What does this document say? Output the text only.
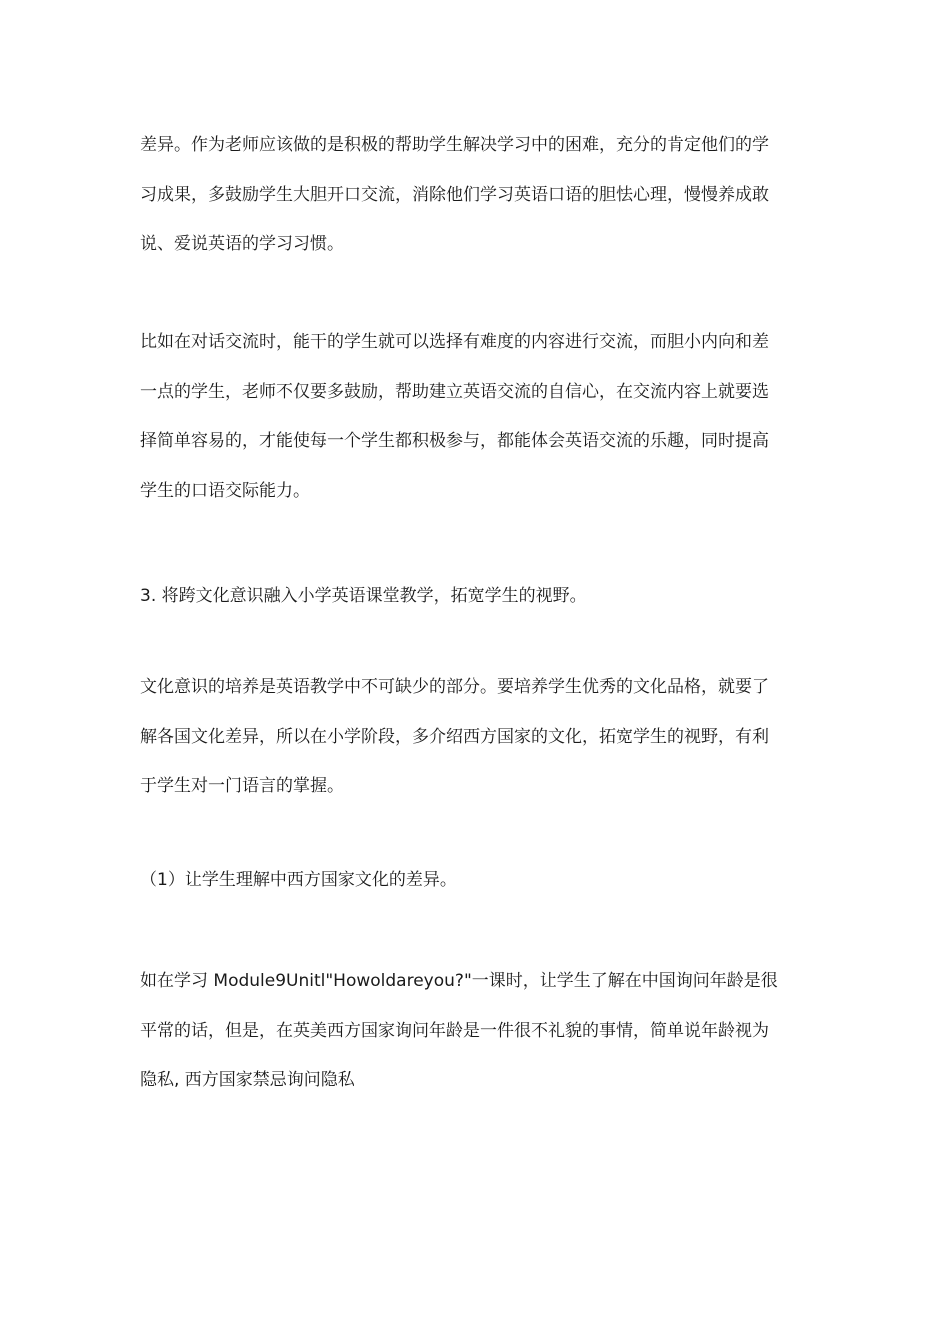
差异。作为老师应该做的是积极的帮助学生解决学习中的困难，充分的肯定他们的学
习成果，多鼓励学生大胆开口交流，消除他们学习英语口语的胆怯心理，慢慢养成敢
说、爱说英语的学习习惯。

比如在对话交流时，能干的学生就可以选择有难度的内容进行交流，而胆小内向和差
一点的学生，老师不仅要多鼓励，帮助建立英语交流的自信心，在交流内容上就要选
择简单容易的，才能使每一个学生都积极参与，都能体会英语交流的乐趣，同时提高
学生的口语交际能力。

3. 将跨文化意识融入小学英语课堂教学，拓宽学生的视野。

文化意识的培养是英语教学中不可缺少的部分。要培养学生优秀的文化品格，就要了
解各国文化差异，所以在小学阶段，多介绍西方国家的文化，拓宽学生的视野，有利
于学生对一门语言的掌握。

（1）让学生理解中西方国家文化的差异。

如在学习 Module9Unitl"Howoldareyou?"一课时，让学生了解在中国询问年龄是很
平常的话，但是，在英美西方国家询问年龄是一件很不礼貌的事情，简单说年龄视为
隐私, 西方国家禁忌询问隐私
